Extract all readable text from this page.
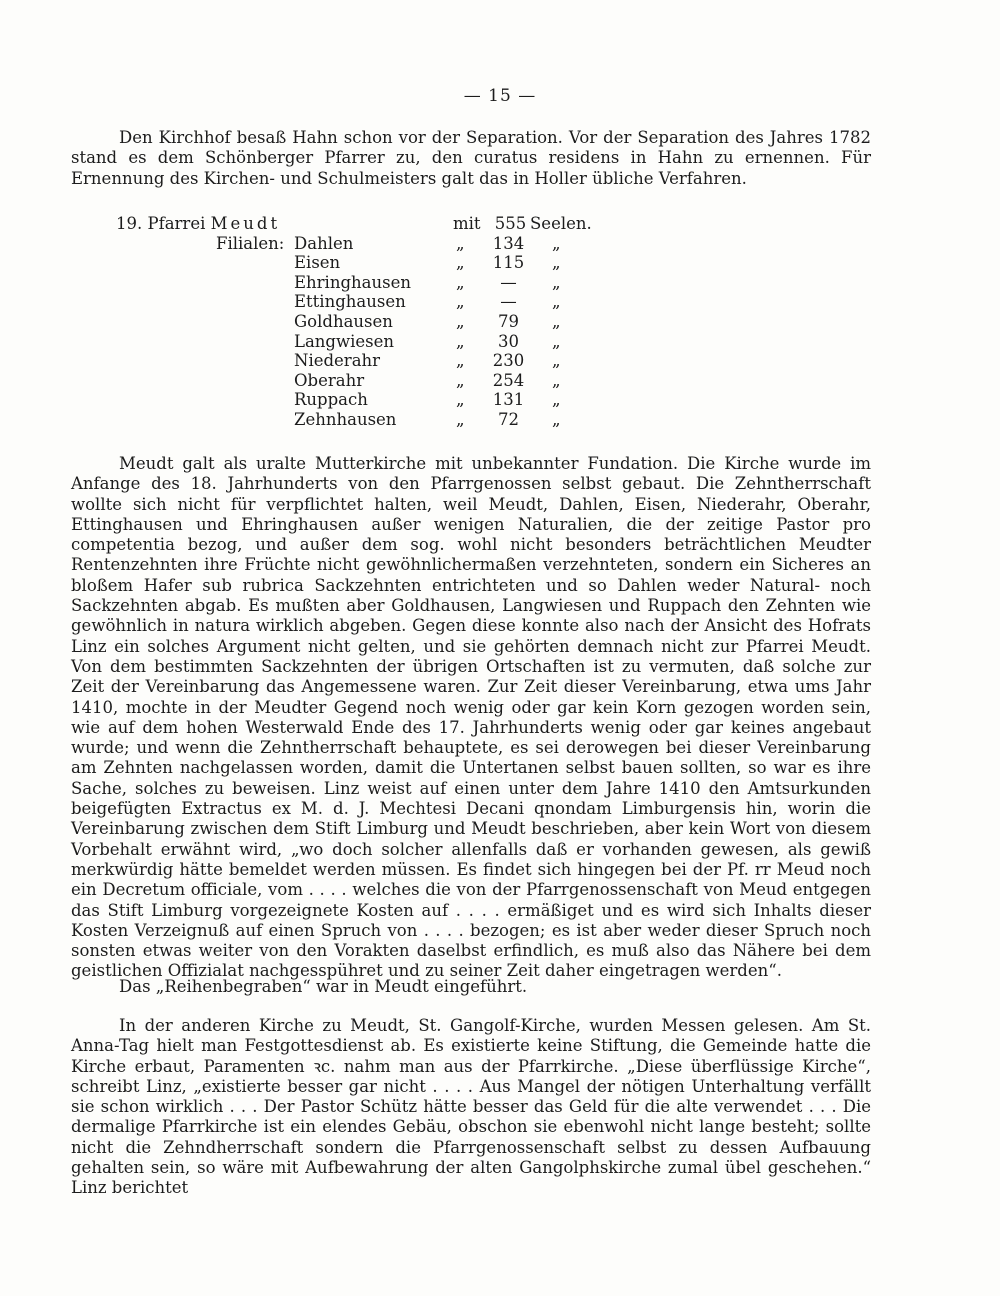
— 15 —

Den Kirchhof besaß Hahn schon vor der Separation. Vor der Separation des Jahres 1782 stand es dem Schönberger Pfarrer zu, den curatus residens in Hahn zu ernennen. Für Ernennung des Kirchen- und Schulmeisters galt das in Holler übliche Verfahren.

19. Pfarrei Meudt	mit 555 Seelen.
Filialen: Dahlen	„	134	„
Eisen	„	115	„
Ehringhausen	„	—	„
Ettinghausen	„	—	„
Goldhausen	„	79	„
Langwiesen	„	30	„
Niederahr	„	230	„
Oberahr	„	254	„
Ruppach	„	131	„
Zehnhausen	„	72	„

Meudt galt als uralte Mutterkirche mit unbekannter Fundation. Die Kirche wurde im Anfange des 18. Jahrhunderts von den Pfarrgenossen selbst gebaut. Die Zehntherrschaft wollte sich nicht für verpflichtet halten, weil Meudt, Dahlen, Eisen, Niederahr, Oberahr, Ettinghausen und Ehringhausen außer wenigen Naturalien, die der zeitige Pastor pro competentia bezog, und außer dem sog. wohl nicht besonders beträchtlichen Meudter Rentenzehnten ihre Früchte nicht gewöhnlichermaßen verzehnteten, sondern ein Sicheres an bloßem Hafer sub rubrica Sackzehnten entrichteten und so Dahlen weder Natural- noch Sackzehnten abgab. Es mußten aber Goldhausen, Langwiesen und Ruppach den Zehnten wie gewöhnlich in natura wirklich abgeben. Gegen diese konnte also nach der Ansicht des Hofrats Linz ein solches Argument nicht gelten, und sie gehörten demnach nicht zur Pfarrei Meudt. Von dem bestimmten Sackzehnten der übrigen Ortschaften ist zu vermuten, daß solche zur Zeit der Vereinbarung das Angemessene waren. Zur Zeit dieser Vereinbarung, etwa ums Jahr 1410, mochte in der Meudter Gegend noch wenig oder gar kein Korn gezogen worden sein, wie auf dem hohen Westerwald Ende des 17. Jahrhunderts wenig oder gar keines angebaut wurde; und wenn die Zehntherrschaft behauptete, es sei derowegen bei dieser Vereinbarung am Zehnten nachgelassen worden, damit die Untertanen selbst bauen sollten, so war es ihre Sache, solches zu beweisen. Linz weist auf einen unter dem Jahre 1410 den Amtsurkunden beigefügten Extractus ex M. d. J. Mechtesi Decani qnondam Limburgensis hin, worin die Vereinbarung zwischen dem Stift Limburg und Meudt beschrieben, aber kein Wort von diesem Vorbehalt erwähnt wird, „wo doch solcher allenfalls daß er vorhanden gewesen, als gewiß merkwürdig hätte bemeldet werden müssen. Es findet sich hingegen bei der Pf. rr Meud noch ein Decretum officiale, vom . . . . welches die von der Pfarrgenossenschaft von Meud entgegen das Stift Limburg vorgezeignete Kosten auf . . . . ermäßiget und es wird sich Inhalts dieser Kosten Verzeignuß auf einen Spruch von . . . . bezogen; es ist aber weder dieser Spruch noch sonsten etwas weiter von den Vorakten daselbst erfindlich, es muß also das Nähere bei dem geistlichen Offizialat nachgesspühret und zu seiner Zeit daher eingetragen werden“.

Das „Reihenbegraben“ war in Meudt eingeführt.

In der anderen Kirche zu Meudt, St. Gangolf-Kirche, wurden Messen gelesen. Am St. Anna-Tag hielt man Festgottesdienst ab. Es existierte keine Stiftung, die Gemeinde hatte die Kirche erbaut, Paramenten ꝛc. nahm man aus der Pfarrkirche. „Diese überflüssige Kirche“, schreibt Linz, „existierte besser gar nicht . . . . Aus Mangel der nötigen Unterhaltung verfällt sie schon wirklich . . . Der Pastor Schütz hätte besser das Geld für die alte verwendet . . . Die dermalige Pfarrkirche ist ein elendes Gebäu, obschon sie ebenwohl nicht lange besteht; sollte nicht die Zehndherrschaft sondern die Pfarrgenossenschaft selbst zu dessen Aufbauung gehalten sein, so wäre mit Aufbewahrung der alten Gangolphskirche zumal übel geschehen.“ Linz berichtet
